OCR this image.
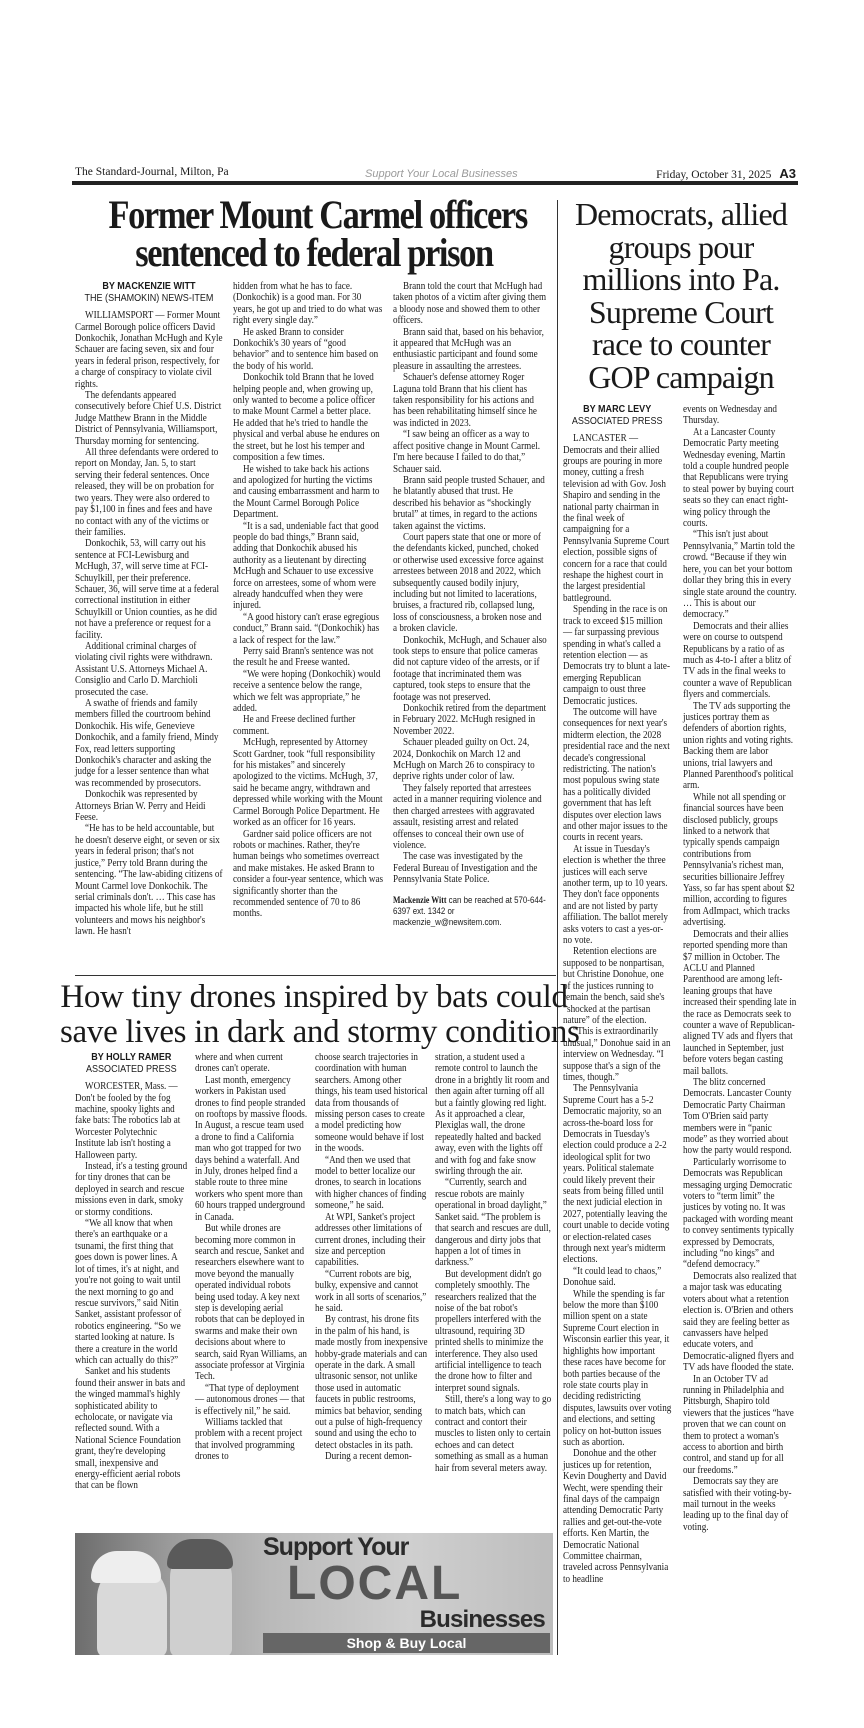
The Standard-Journal, Milton, Pa	Support Your Local Businesses	Friday, October 31, 2025 A3
Former Mount Carmel officers
sentenced to federal prison
BY MACKENZIE WITT
THE (SHAMOKIN) NEWS-ITEM

WILLIAMSPORT — Former Mount Carmel Borough police officers David Donkochik, Jonathan McHugh and Kyle Schauer are facing seven, six and four years in federal prison, respectively, for a charge of conspiracy to violate civil rights.

The defendants appeared consecutively before Chief U.S. District Judge Matthew Brann in the Middle District of Pennsylvania, Williamsport, Thursday morning for sentencing.

All three defendants were ordered to report on Monday, Jan. 5, to start serving their federal sentences. Once released, they will be on probation for two years. They were also ordered to pay $1,100 in fines and fees and have no contact with any of the victims or their families.

Donkochik, 53, will carry out his sentence at FCI-Lewisburg and McHugh, 37, will serve time at FCI-Schuylkill, per their preference. Schauer, 36, will serve time at a federal correctional institution in either Schuylkill or Union counties, as he did not have a preference or request for a facility.

Additional criminal charges of violating civil rights were withdrawn. Assistant U.S. Attorneys Michael A. Consiglio and Carlo D. Marchioli prosecuted the case.

A swathe of friends and family members filled the courtroom behind Donkochik. His wife, Genevieve Donkochik, and a family friend, Mindy Fox, read letters supporting Donkochik's character and asking the judge for a lesser sentence than what was recommended by prosecutors.

Donkochik was represented by Attorneys Brian W. Perry and Heidi Feese.

“He has to be held accountable, but he doesn't deserve eight, or seven or six years in federal prison; that's not justice,” Perry told Brann during the sentencing. “The law-abiding citizens of Mount Carmel love Donkochik. The serial criminals don't. … This case has impacted his whole life, but he still volunteers and mows his neighbor's lawn. He hasn't

hidden from what he has to face. (Donkochik) is a good man. For 30 years, he got up and tried to do what was right every single day.”

He asked Brann to consider Donkochik's 30 years of “good behavior” and to sentence him based on the body of his world.

Donkochik told Brann that he loved helping people and, when growing up, only wanted to become a police officer to make Mount Carmel a better place. He added that he's tried to handle the physical and verbal abuse he endures on the street, but he lost his temper and composition a few times.

He wished to take back his actions and apologized for hurting the victims and causing embarrassment and harm to the Mount Carmel Borough Police Department.

“It is a sad, undeniable fact that good people do bad things,” Brann said, adding that Donkochik abused his authority as a lieutenant by directing McHugh and Schauer to use excessive force on arrestees, some of whom were already handcuffed when they were injured.

“A good history can't erase egregious conduct,” Brann said. “(Donkochik) has a lack of respect for the law.”

Perry said Brann's sentence was not the result he and Freese wanted.

“We were hoping (Donkochik) would receive a sentence below the range, which we felt was appropriate,” he added.

He and Freese declined further comment.

McHugh, represented by Attorney Scott Gardner, took “full responsibility for his mistakes” and sincerely apologized to the victims. McHugh, 37, said he became angry, withdrawn and depressed while working with the Mount Carmel Borough Police Department. He worked as an officer for 16 years.

Gardner said police officers are not robots or machines. Rather, they're human beings who sometimes overreact and make mistakes. He asked Brann to consider a four-year sentence, which was significantly shorter than the recommended sentence of 70 to 86 months.

Brann told the court that McHugh had taken photos of a victim after giving them a bloody nose and showed them to other officers.

Brann said that, based on his behavior, it appeared that McHugh was an enthusiastic participant and found some pleasure in assaulting the arrestees.

Schauer's defense attorney Roger Laguna told Brann that his client has taken responsibility for his actions and has been rehabilitating himself since he was indicted in 2023.

“I saw being an officer as a way to affect positive change in Mount Carmel. I'm here because I failed to do that,” Schauer said.

Brann said people trusted Schauer, and he blatantly abused that trust. He described his behavior as “shockingly brutal” at times, in regard to the actions taken against the victims.

Court papers state that one or more of the defendants kicked, punched, choked or otherwise used excessive force against arrestees between 2018 and 2022, which subsequently caused bodily injury, including but not limited to lacerations, bruises, a fractured rib, collapsed lung, loss of consciousness, a broken nose and a broken clavicle.

Donkochik, McHugh, and Schauer also took steps to ensure that police cameras did not capture video of the arrests, or if footage that incriminated them was captured, took steps to ensure that the footage was not preserved.

Donkochik retired from the department in February 2022. McHugh resigned in November 2022.

Schauer pleaded guilty on Oct. 24, 2024, Donkochik on March 12 and McHugh on March 26 to conspiracy to deprive rights under color of law.

They falsely reported that arrestees acted in a manner requiring violence and then charged arrestees with aggravated assault, resisting arrest and related offenses to conceal their own use of violence.

The case was investigated by the Federal Bureau of Investigation and the Pennsylvania State Police.

Mackenzie Witt can be reached at 570-644-6397 ext. 1342 or mackenzie_w@newsitem.com.

Democrats, allied
groups pour
millions into Pa.
Supreme Court
race to counter
GOP campaign
BY MARC LEVY
ASSOCIATED PRESS

LANCASTER — Democrats and their allied groups are pouring in more money, cutting a fresh television ad with Gov. Josh Shapiro and sending in the national party chairman in the final week of campaigning for a Pennsylvania Supreme Court election, possible signs of concern for a race that could reshape the highest court in the largest presidential battleground.

Spending in the race is on track to exceed $15 million — far surpassing previous spending in what's called a retention election — as Democrats try to blunt a late-emerging Republican campaign to oust three Democratic justices.

The outcome will have consequences for next year's midterm election, the 2028 presidential race and the next decade's congressional redistricting. The nation's most populous swing state has a politically divided government that has left disputes over election laws and other major issues to the courts in recent years.

At issue in Tuesday's election is whether the three justices will each serve another term, up to 10 years. They don't face opponents and are not listed by party affiliation. The ballot merely asks voters to cast a yes-or-no vote.

Retention elections are supposed to be nonpartisan, but Christine Donohue, one of the justices running to remain the bench, said she's “shocked at the partisan nature” of the election.

“This is extraordinarily unusual,” Donohue said in an interview on Wednesday. “I suppose that's a sign of the times, though.”

The Pennsylvania Supreme Court has a 5-2 Democratic majority, so an across-the-board loss for Democrats in Tuesday's election could produce a 2-2 ideological split for two years. Political stalemate could likely prevent their seats from being filled until the next judicial election in 2027, potentially leaving the court unable to decide voting or election-related cases through next year's midterm elections.

“It could lead to chaos,” Donohue said.

While the spending is far below the more than $100 million spent on a state Supreme Court election in Wisconsin earlier this year, it highlights how important these races have become for both parties because of the role state courts play in deciding redistricting disputes, lawsuits over voting and elections, and setting policy on hot-button issues such as abortion.

Donohue and the other justices up for retention, Kevin Dougherty and David Wecht, were spending their final days of the campaign attending Democratic Party rallies and get-out-the-vote efforts. Ken Martin, the Democratic National Committee chairman, traveled across Pennsylvania to headline

events on Wednesday and Thursday.

At a Lancaster County Democratic Party meeting Wednesday evening, Martin told a couple hundred people that Republicans were trying to steal power by buying court seats so they can enact right-wing policy through the courts.

“This isn't just about Pennsylvania,” Martin told the crowd. “Because if they win here, you can bet your bottom dollar they bring this in every single state around the country. … This is about our democracy.”

Democrats and their allies were on course to outspend Republicans by a ratio of as much as 4-to-1 after a blitz of TV ads in the final weeks to counter a wave of Republican flyers and commercials.

The TV ads supporting the justices portray them as defenders of abortion rights, union rights and voting rights. Backing them are labor unions, trial lawyers and Planned Parenthood's political arm.

While not all spending or financial sources have been disclosed publicly, groups linked to a network that typically spends campaign contributions from Pennsylvania's richest man, securities billionaire Jeffrey Yass, so far has spent about $2 million, according to figures from AdImpact, which tracks advertising.

Democrats and their allies reported spending more than $7 million in October. The ACLU and Planned Parenthood are among left-leaning groups that have increased their spending late in the race as Democrats seek to counter a wave of Republican-aligned TV ads and flyers that launched in September, just before voters began casting mail ballots.

The blitz concerned Democrats. Lancaster County Democratic Party Chairman Tom O'Brien said party members were in “panic mode” as they worried about how the party would respond.

Particularly worrisome to Democrats was Republican messaging urging Democratic voters to “term limit” the justices by voting no. It was packaged with wording meant to convey sentiments typically expressed by Democrats, including “no kings” and “defend democracy.”

Democrats also realized that a major task was educating voters about what a retention election is. O'Brien and others said they are feeling better as canvassers have helped educate voters, and Democratic-aligned flyers and TV ads have flooded the state.

In an October TV ad running in Philadelphia and Pittsburgh, Shapiro told viewers that the justices “have proven that we can count on them to protect a woman's access to abortion and birth control, and stand up for all our freedoms.”

Democrats say they are satisfied with their voting-by-mail turnout in the weeks leading up to the final day of voting.

How tiny drones inspired by bats could
save lives in dark and stormy conditions
BY HOLLY RAMER
ASSOCIATED PRESS

WORCESTER, Mass. — Don't be fooled by the fog machine, spooky lights and fake bats: The robotics lab at Worcester Polytechnic Institute lab isn't hosting a Halloween party.

Instead, it's a testing ground for tiny drones that can be deployed in search and rescue missions even in dark, smoky or stormy conditions.

“We all know that when there's an earthquake or a tsunami, the first thing that goes down is power lines. A lot of times, it's at night, and you're not going to wait until the next morning to go and rescue survivors,” said Nitin Sanket, assistant professor of robotics engineering. “So we started looking at nature. Is there a creature in the world which can actually do this?”

Sanket and his students found their answer in bats and the winged mammal's highly sophisticated ability to echolocate, or navigate via reflected sound. With a National Science Foundation grant, they're developing small, inexpensive and energy-efficient aerial robots that can be flown

where and when current drones can't operate.

Last month, emergency workers in Pakistan used drones to find people stranded on rooftops by massive floods. In August, a rescue team used a drone to find a California man who got trapped for two days behind a waterfall. And in July, drones helped find a stable route to three mine workers who spent more than 60 hours trapped underground in Canada.

But while drones are becoming more common in search and rescue, Sanket and researchers elsewhere want to move beyond the manually operated individual robots being used today. A key next step is developing aerial robots that can be deployed in swarms and make their own decisions about where to search, said Ryan Williams, an associate professor at Virginia Tech.

“That type of deployment — autonomous drones — that is effectively nil,” he said.

Williams tackled that problem with a recent project that involved programming drones to

choose search trajectories in coordination with human searchers. Among other things, his team used historical data from thousands of missing person cases to create a model predicting how someone would behave if lost in the woods.

“And then we used that model to better localize our drones, to search in locations with higher chances of finding someone,” he said.

At WPI, Sanket's project addresses other limitations of current drones, including their size and perception capabilities.

“Current robots are big, bulky, expensive and cannot work in all sorts of scenarios,” he said.

By contrast, his drone fits in the palm of his hand, is made mostly from inexpensive hobby-grade materials and can operate in the dark. A small ultrasonic sensor, not unlike those used in automatic faucets in public restrooms, mimics bat behavior, sending out a pulse of high-frequency sound and using the echo to detect obstacles in its path.

During a recent demon-

stration, a student used a remote control to launch the drone in a brightly lit room and then again after turning off all but a faintly glowing red light. As it approached a clear, Plexiglas wall, the drone repeatedly halted and backed away, even with the lights off and with fog and fake snow swirling through the air.

“Currently, search and rescue robots are mainly operational in broad daylight,” Sanket said. “The problem is that search and rescues are dull, dangerous and dirty jobs that happen a lot of times in darkness.”

But development didn't go completely smoothly. The researchers realized that the noise of the bat robot's propellers interfered with the ultrasound, requiring 3D printed shells to minimize the interference. They also used artificial intelligence to teach the drone how to filter and interpret sound signals.

Still, there's a long way to go to match bats, which can contract and contort their muscles to listen only to certain echoes and can detect something as small as a human hair from several meters away.

Support Your
LOCAL
Businesses
Shop & Buy Local
